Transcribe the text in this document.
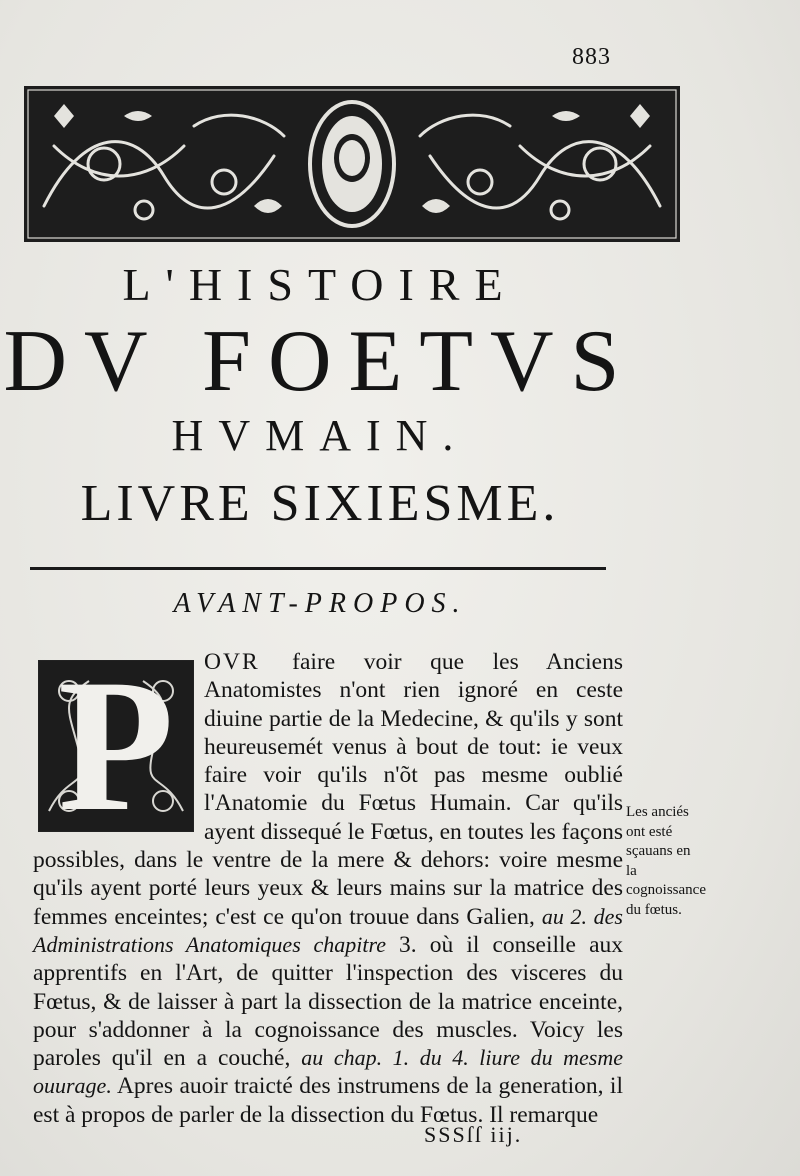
883
L'HISTOIRE
DV FOETVS
HVMAIN.
LIVRE SIXIESME.
AVANT-PROPOS.
P	OVR faire voir que les Anciens Anatomistes n'ont rien ignoré en ceste diuine partie de la Medecine, & qu'ils y sont heureusemét venus à bout de tout: ie veux faire voir qu'ils n'õt pas mesme oublié l'Anatomie du Fœtus Humain. Car qu'ils ayent dissequé le Fœtus, en toutes les façons possibles, dans le ventre de la mere & dehors: voire mesme qu'ils ayent porté leurs yeux & leurs mains sur la matrice des femmes enceintes; c'est ce qu'on trouue dans Galien, au 2. des Administrations Anatomiques chapitre 3. où il conseille aux apprentifs en l'Art, de quitter l'inspection des visceres du Fœtus, & de laisser à part la dissection de la matrice enceinte, pour s'addonner à la cognoissance des muscles. Voicy les paroles qu'il en a couché, au chap. 1. du 4. liure du mesme ouurage. Apres auoir traicté des instrumens de la generation, il est à propos de parler de la dissection du Fœtus. Il remarque

Les anciés ont esté sçauans en la cognoissance du fœtus.

SSSſſ iij.
